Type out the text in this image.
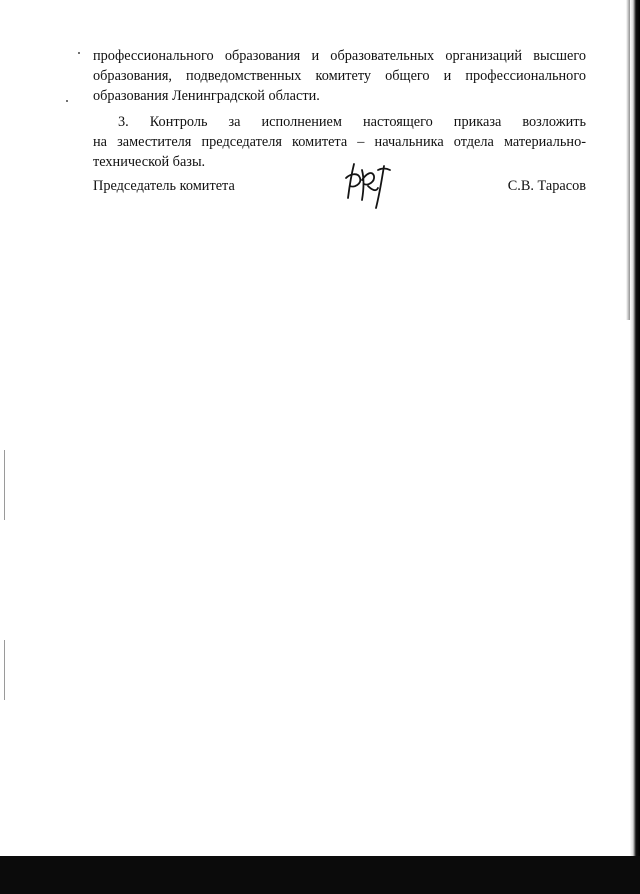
профессионального образования и образовательных организаций высшего
образования, подведомственных комитету общего и профессионального
образования Ленинградской области.
3. Контроль за исполнением настоящего приказа возложить
на заместителя председателя комитета – начальника отдела материально-
технической базы.
Председатель комитета	С.В. Тарасов
